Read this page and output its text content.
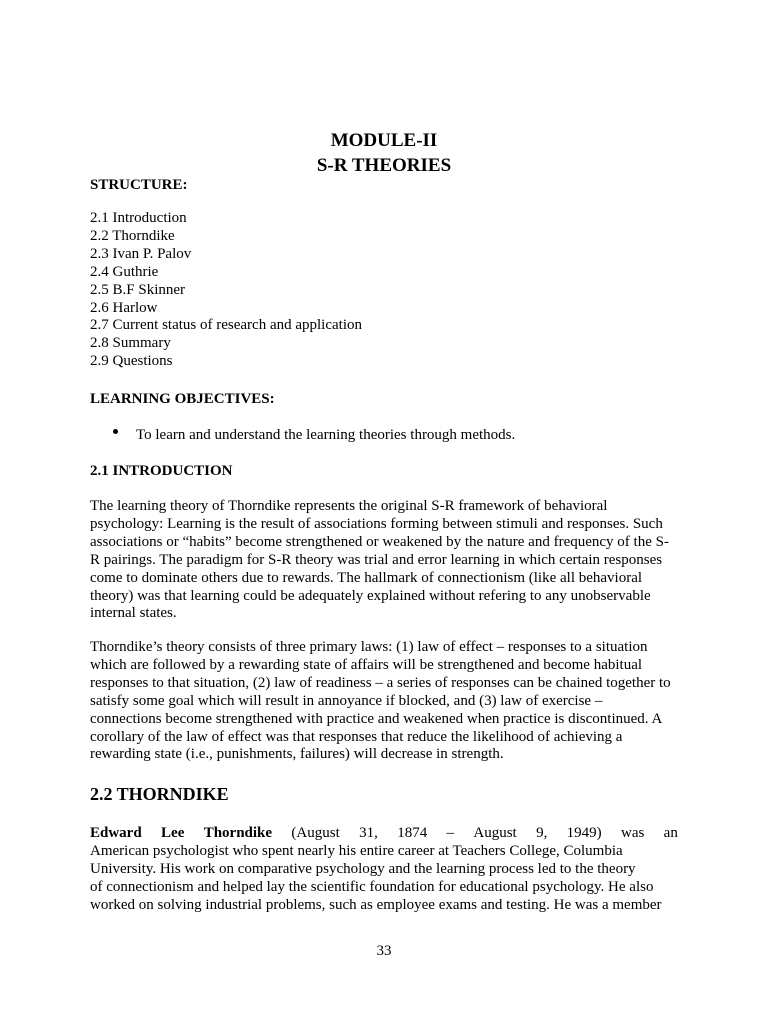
MODULE-II
S-R THEORIES
STRUCTURE:
2.1 Introduction
2.2 Thorndike
2.3 Ivan P. Palov
2.4 Guthrie
2.5 B.F Skinner
2.6 Harlow
2.7 Current status of research and application
2.8 Summary
2.9 Questions
LEARNING OBJECTIVES:
To learn and understand the learning theories through methods.
2.1 INTRODUCTION
The learning theory of Thorndike represents the original S-R framework of behavioral
psychology: Learning is the result of associations forming between stimuli and responses. Such
associations or “habits” become strengthened or weakened by the nature and frequency of the S-
R pairings. The paradigm for S-R theory was trial and error learning in which certain responses
come to dominate others due to rewards. The hallmark of connectionism (like all behavioral
theory) was that learning could be adequately explained without refering to any unobservable
internal states.
Thorndike’s theory consists of three primary laws: (1) law of effect – responses to a situation
which are followed by a rewarding state of affairs will be strengthened and become habitual
responses to that situation, (2) law of readiness – a series of responses can be chained together to
satisfy some goal which will result in annoyance if blocked, and (3) law of exercise –
connections become strengthened with practice and weakened when practice is discontinued. A
corollary of the law of effect was that responses that reduce the likelihood of achieving a
rewarding state (i.e., punishments, failures) will decrease in strength.
2.2 THORNDIKE
Edward Lee Thorndike (August 31, 1874 – August 9, 1949) was an
American psychologist who spent nearly his entire career at Teachers College, Columbia
University. His work on comparative psychology and the learning process led to the theory
of connectionism and helped lay the scientific foundation for educational psychology. He also
worked on solving industrial problems, such as employee exams and testing. He was a member
33
